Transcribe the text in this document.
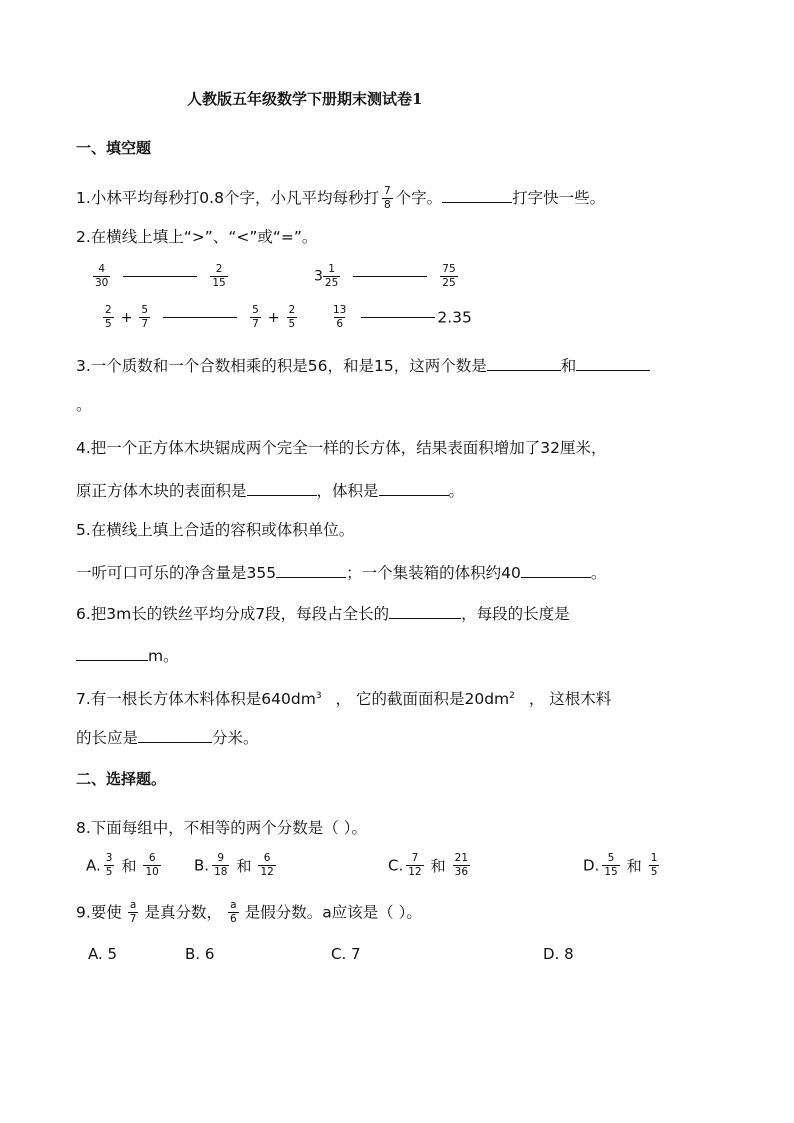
人教版五年级数学下册期末测试卷1
一、填空题
1.小林平均每秒打0.8个字，小凡平均每秒打 $\frac{7}{8}$ 个字。	打字快一些。
2.在横线上填上“>”、“<”或“=”。
$\frac{4}{30}$	$\frac{2}{15}$	$3 \frac{1}{25}$	$\frac{75}{25}$
$\frac{2}{5} + \frac{5}{7}$	$\frac{5}{7} + \frac{2}{5}$	$\frac{13}{6}$	2.35
3.一个质数和一个合数相乘的积是56，和是15，这两个数是	和
。
4.把一个正方体木块锯成两个完全一样的长方体，结果表面积增加了32厘米，
原正方体木块的表面积是	，体积是	。
5.在横线上填上合适的容积或体积单位。
一听可口可乐的净含量是355	；一个集装箱的体积约40	。
6.把3m长的铁丝平均分成7段，每段占全长的	，每段的长度是
m。
7.有一根长方体木料体积是$640dm^3$ ， 它的截面面积是$20dm^2$ ， 这根木料
的长应是	分米。
二、选择题。
8.下面每组中，不相等的两个分数是（ ）。
A. $\frac{3}{5}$ 和 $\frac{6}{10} B$. $\frac{9}{18}$ 和 $\frac{6}{12}$	C. $\frac{7}{12}$ 和 $\frac{21}{36}$	D. $\frac{5}{15}$ 和 $\frac{1}{5}$
9.要使 $\frac{a}{7}$ 是真分数， $\frac{a}{6}$ 是假分数。a应该是（ ）。
A. 5	B. 6	C. 7	D. 8
